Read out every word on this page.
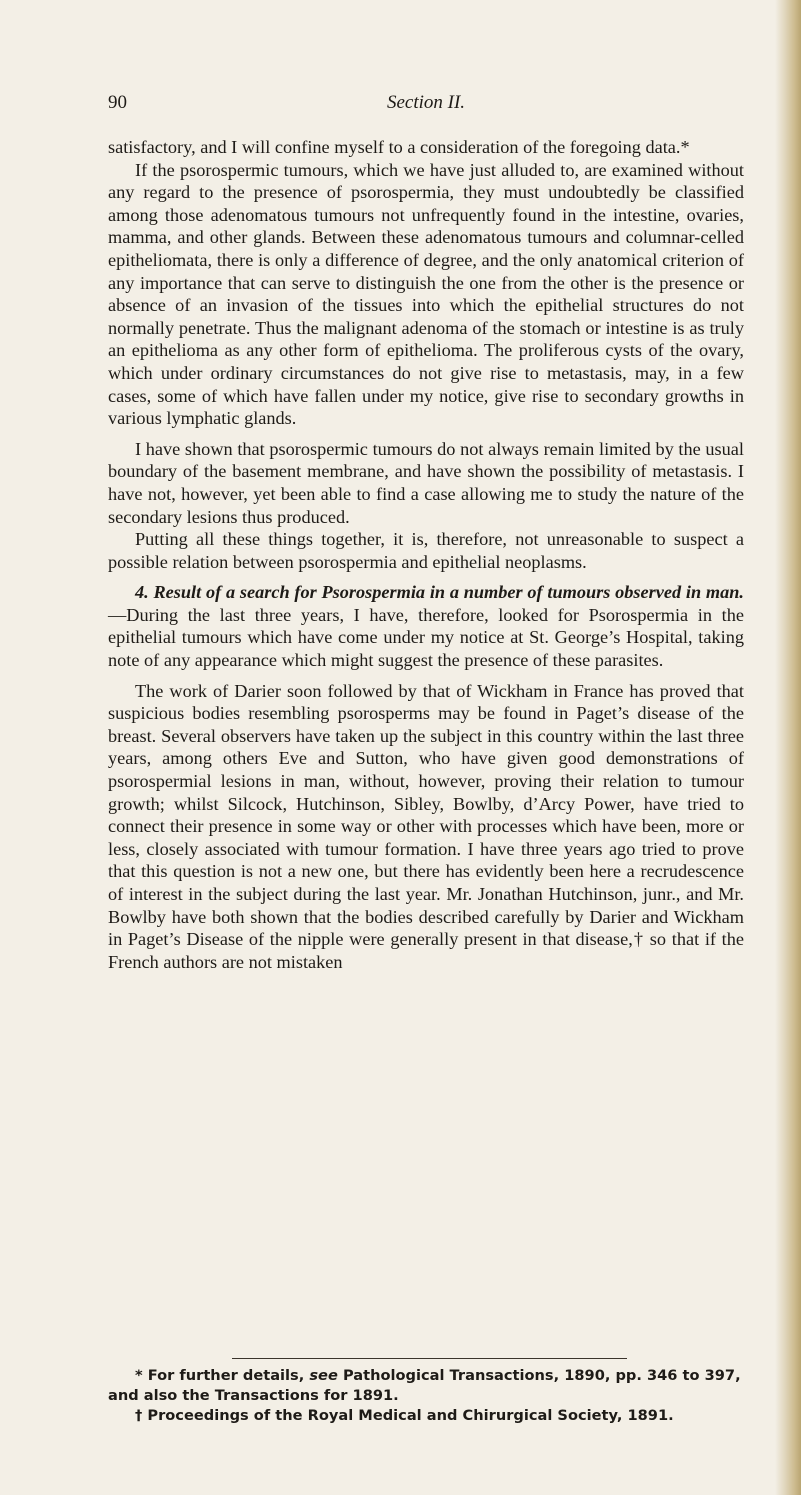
90	Section II.

satisfactory, and I will confine myself to a consideration of the foregoing data.*

If the psorospermic tumours, which we have just alluded to, are examined without any regard to the presence of psorospermia, they must undoubtedly be classified among those adenomatous tumours not unfrequently found in the intestine, ovaries, mamma, and other glands. Between these adenomatous tumours and columnar-celled epitheliomata, there is only a difference of degree, and the only anatomical criterion of any importance that can serve to distinguish the one from the other is the presence or absence of an invasion of the tissues into which the epithelial structures do not normally penetrate. Thus the malignant adenoma of the stomach or intestine is as truly an epithelioma as any other form of epithelioma. The proliferous cysts of the ovary, which under ordinary circumstances do not give rise to metastasis, may, in a few cases, some of which have fallen under my notice, give rise to secondary growths in various lymphatic glands.

I have shown that psorospermic tumours do not always remain limited by the usual boundary of the basement membrane, and have shown the possibility of metastasis. I have not, however, yet been able to find a case allowing me to study the nature of the secondary lesions thus produced.

Putting all these things together, it is, therefore, not unreasonable to suspect a possible relation between psorospermia and epithelial neoplasms.

4. Result of a search for Psorospermia in a number of tumours observed in man.—During the last three years, I have, therefore, looked for Psorospermia in the epithelial tumours which have come under my notice at St. George’s Hospital, taking note of any appearance which might suggest the presence of these parasites.

The work of Darier soon followed by that of Wickham in France has proved that suspicious bodies resembling psorosperms may be found in Paget’s disease of the breast. Several observers have taken up the subject in this country within the last three years, among others Eve and Sutton, who have given good demonstrations of psorospermial lesions in man, without, however, proving their relation to tumour growth; whilst Silcock, Hutchinson, Sibley, Bowlby, d’Arcy Power, have tried to connect their presence in some way or other with processes which have been, more or less, closely associated with tumour formation. I have three years ago tried to prove that this question is not a new one, but there has evidently been here a recrudescence of interest in the subject during the last year. Mr. Jonathan Hutchinson, junr., and Mr. Bowlby have both shown that the bodies described carefully by Darier and Wickham in Paget’s Disease of the nipple were generally present in that disease,† so that if the French authors are not mistaken

* For further details, see Pathological Transactions, 1890, pp. 346 to 397, and also the Transactions for 1891.

† Proceedings of the Royal Medical and Chirurgical Society, 1891.
